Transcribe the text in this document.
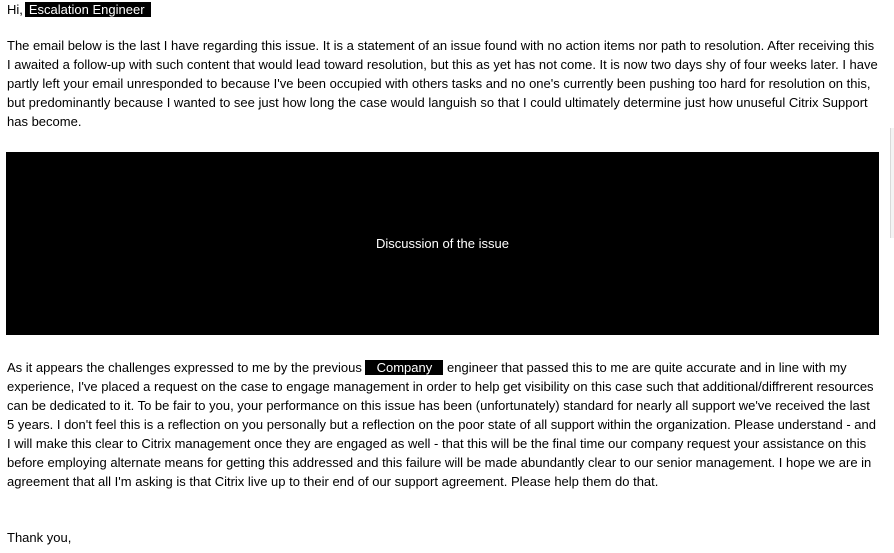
Hi, Escalation Engineer

The email below is the last I have regarding this issue. It is a statement of an issue found with no action items nor path to resolution. After receiving this I awaited a follow-up with such content that would lead toward resolution, but this as yet has not come. It is now two days shy of four weeks later. I have partly left your email unresponded to because I've been occupied with others tasks and no one's currently been pushing too hard for resolution on this, but predominantly because I wanted to see just how long the case would languish so that I could ultimately determine just how unuseful Citrix Support has become.

Discussion of the issue

As it appears the challenges expressed to me by the previous Company engineer that passed this to me are quite accurate and in line with my experience, I've placed a request on the case to engage management in order to help get visibility on this case such that additional/diffrerent resources can be dedicated to it. To be fair to you, your performance on this issue has been (unfortunately) standard for nearly all support we've received the last 5 years. I don't feel this is a reflection on you personally but a reflection on the poor state of all support within the organization. Please understand - and I will make this clear to Citrix management once they are engaged as well - that this will be the final time our company request your assistance on this before employing alternate means for getting this addressed and this failure will be made abundantly clear to our senior management. I hope we are in agreement that all I'm asking is that Citrix live up to their end of our support agreement. Please help them do that.

Thank you,
